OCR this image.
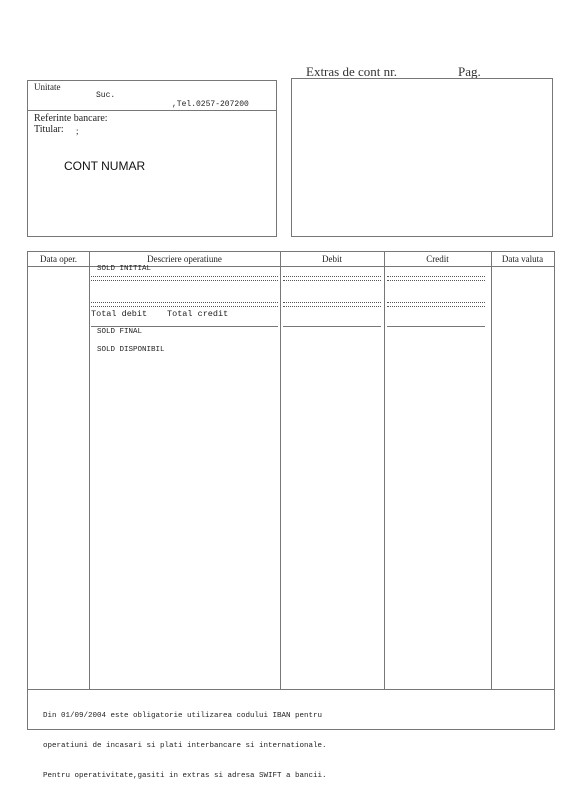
Extras de cont nr.	Pag.
Unitate
Suc.
,Tel.0257-207200
Referinte bancare:
Titular: ;
CONT NUMAR
Data oper.	Descriere operatiune	Debit	Credit	Data valuta
SOLD INITIAL
Total debit Total credit
SOLD FINAL
SOLD DISPONIBIL

Din 01/09/2004 este obligatorie utilizarea codului IBAN pentru

operatiuni de incasari si plati interbancare si internationale.

Pentru operativitate,gasiti in extras si adresa SWIFT a bancii.
